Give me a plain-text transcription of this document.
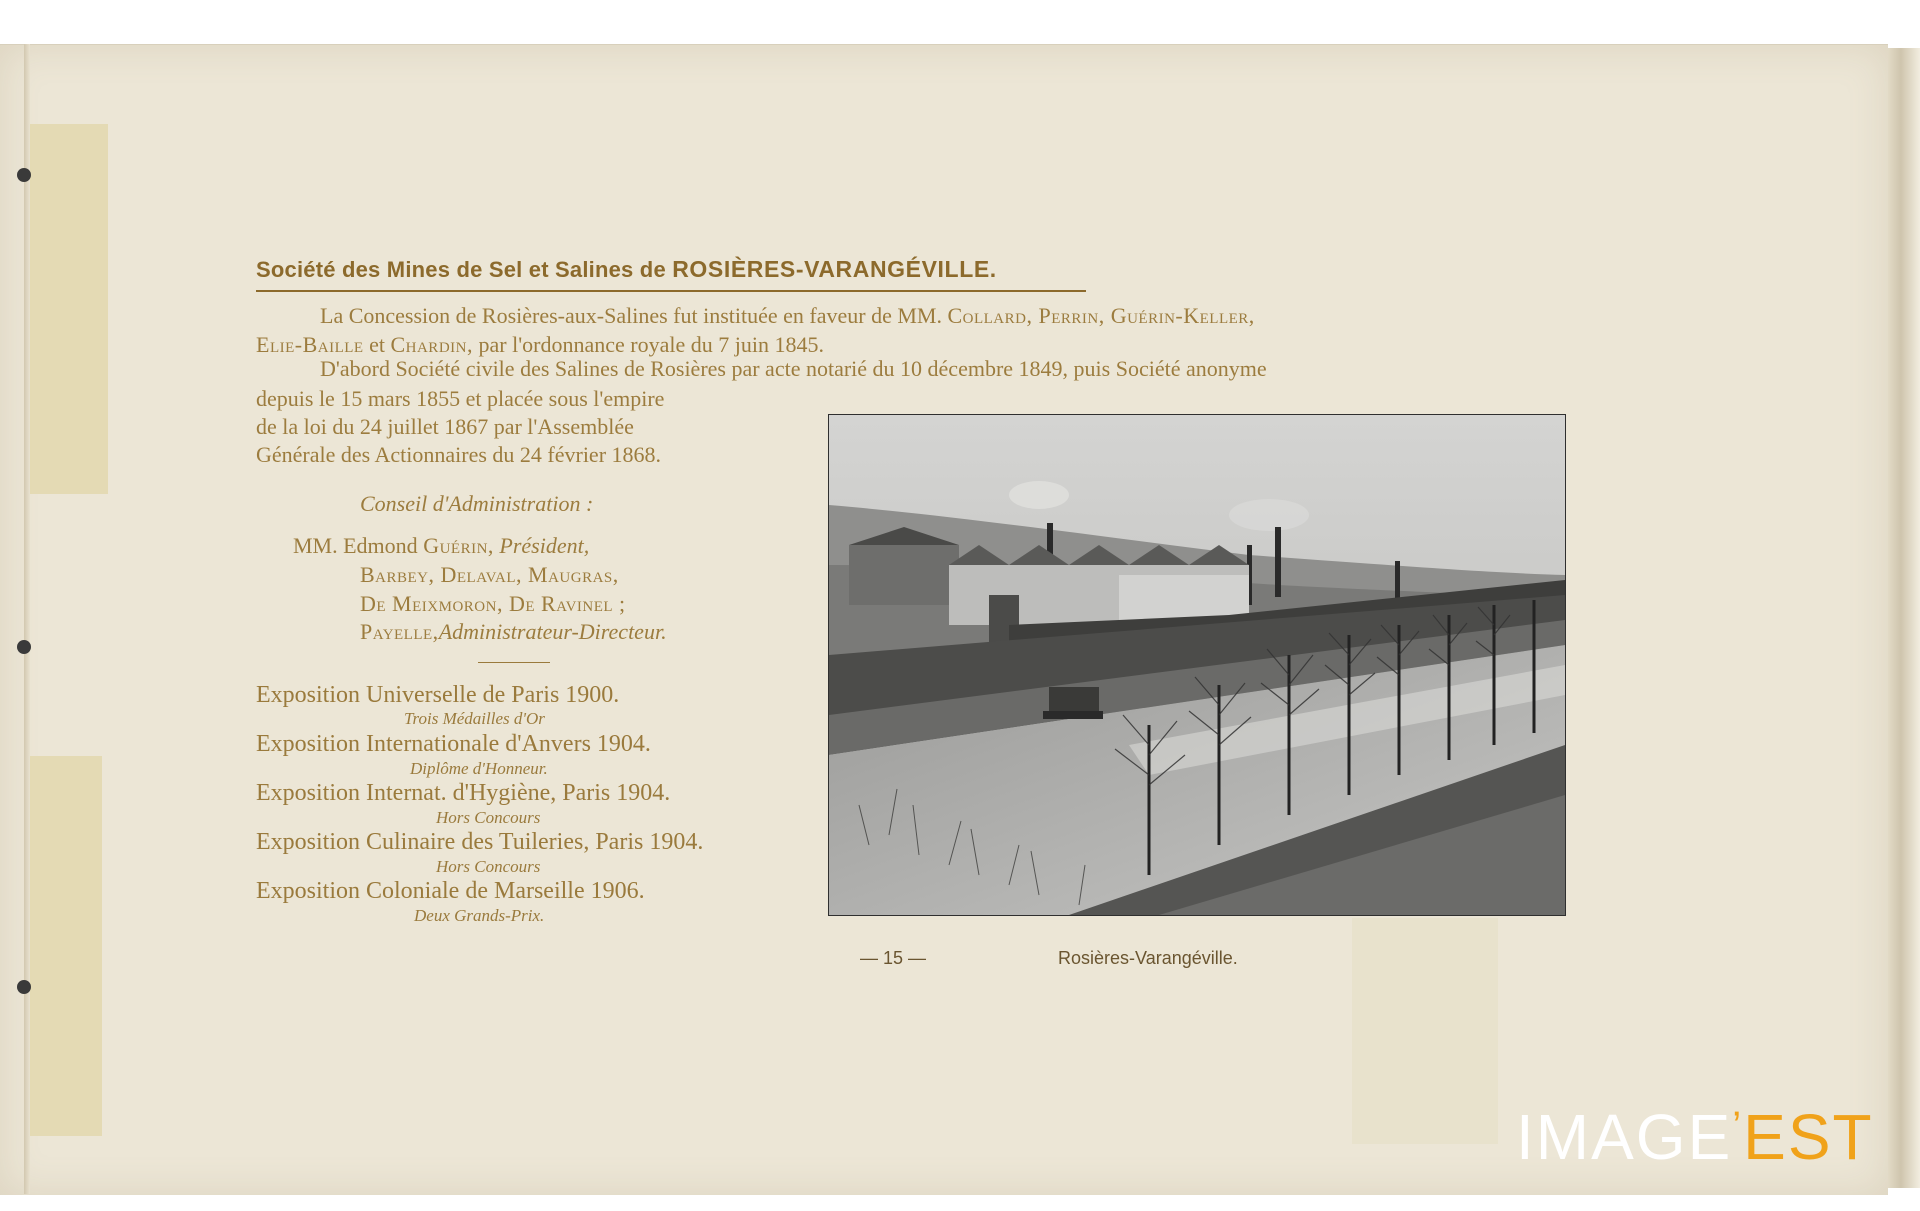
Société des Mines de Sel et Salines de ROSIÈRES-VARANGÉVILLE.
La Concession de Rosières-aux-Salines fut instituée en faveur de MM. Collard, Perrin, Guérin-Keller,
Elie-Baille et Chardin, par l'ordonnance royale du 7 juin 1845.
D'abord Société civile des Salines de Rosières par acte notarié du 10 décembre 1849, puis Société anonyme
depuis le 15 mars 1855 et placée sous l'empire
de la loi du 24 juillet 1867 par l'Assemblée
Générale des Actionnaires du 24 février 1868.
Conseil d'Administration :
MM. Edmond Guérin, Président,
Barbey, Delaval, Maugras,
De Meixmoron, De Ravinel ;
Payelle,Administrateur-Directeur.
Exposition Universelle de Paris 1900.
Trois Médailles d'Or
Exposition Internationale d'Anvers 1904.
Diplôme d'Honneur.
Exposition Internat. d'Hygiène, Paris 1904.
Hors Concours
Exposition Culinaire des Tuileries, Paris 1904.
Hors Concours
Exposition Coloniale de Marseille 1906.
Deux Grands-Prix.
— 15 —	Rosières-Varangéville.
IMAGE’EST
